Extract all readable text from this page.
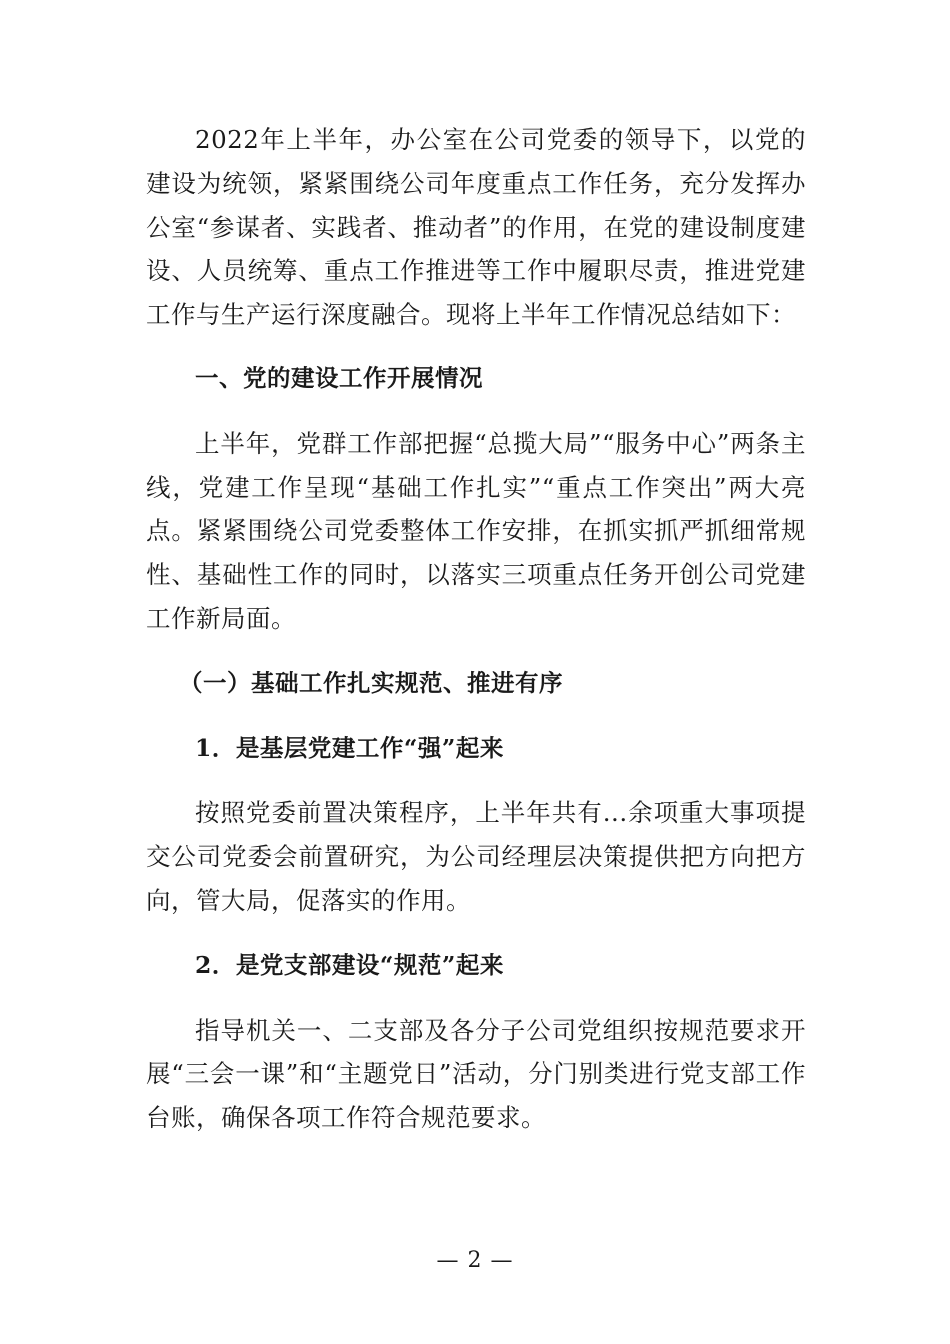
2022年上半年，办公室在公司党委的领导下，以党的建设为统领，紧紧围绕公司年度重点工作任务，充分发挥办公室“参谋者、实践者、推动者”的作用，在党的建设制度建设、人员统筹、重点工作推进等工作中履职尽责，推进党建工作与生产运行深度融合。现将上半年工作情况总结如下：

一、党的建设工作开展情况

上半年，党群工作部把握“总揽大局”“服务中心”两条主线，党建工作呈现“基础工作扎实”“重点工作突出”两大亮点。紧紧围绕公司党委整体工作安排，在抓实抓严抓细常规性、基础性工作的同时，以落实三项重点任务开创公司党建工作新局面。

（一）基础工作扎实规范、推进有序
1．是基层党建工作“强”起来

按照党委前置决策程序，上半年共有...余项重大事项提交公司党委会前置研究，为公司经理层决策提供把方向把方向，管大局，促落实的作用。

2．是党支部建设“规范”起来

指导机关一、二支部及各分子公司党组织按规范要求开展“三会一课”和“主题党日”活动，分门别类进行党支部工作台账，确保各项工作符合规范要求。

— 2 —
